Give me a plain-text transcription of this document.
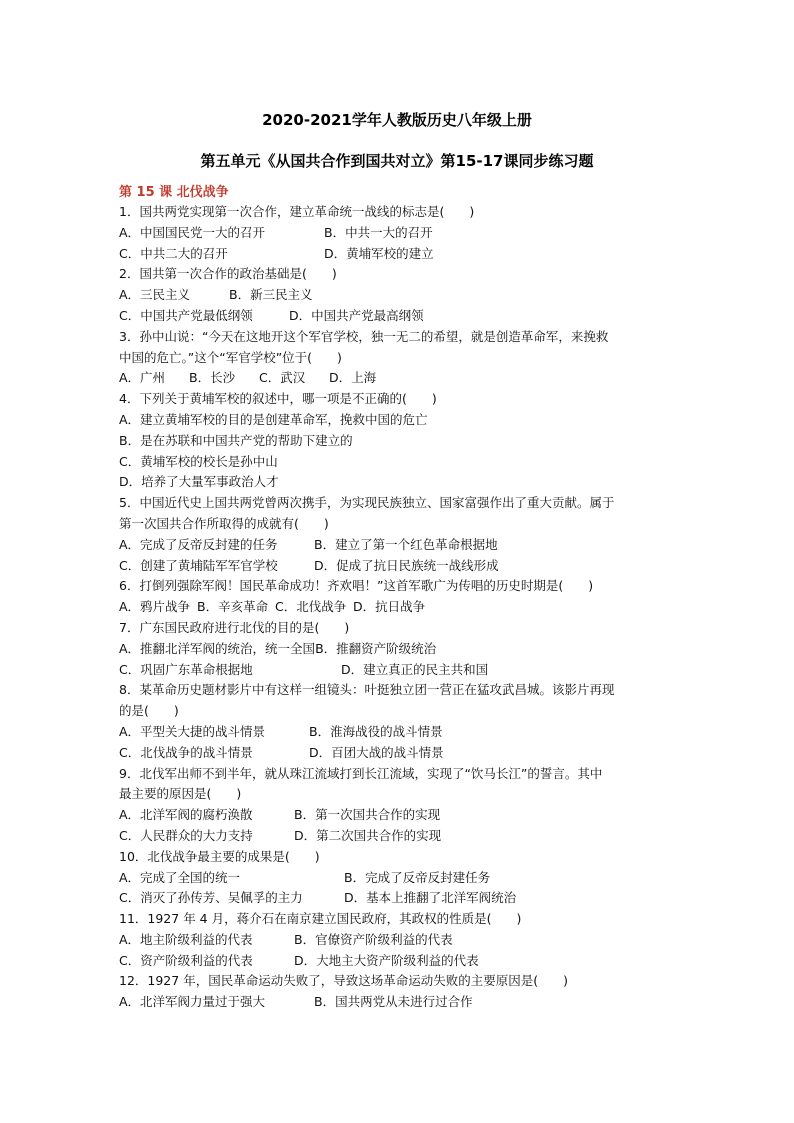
2020-2021学年人教版历史八年级上册
第五单元《从国共合作到国共对立》第15-17课同步练习题
第 15 课 北伐战争
1．国共两党实现第一次合作，建立革命统一战线的标志是(　　)
A．中国国民党一大的召开	B．中共一大的召开
C．中共二大的召开	D．黄埔军校的建立
2．国共第一次合作的政治基础是(　　)
A．三民主义	B．新三民主义
C．中国共产党最低纲领	D．中国共产党最高纲领
3．孙中山说：“今天在这地开这个军官学校，独一无二的希望，就是创造革命军，来挽救
中国的危亡。”这个“军官学校”位于(　　)
A．广州 B．长沙 C．武汉 D．上海
4．下列关于黄埔军校的叙述中，哪一项是不正确的(　　)
A．建立黄埔军校的目的是创建革命军，挽救中国的危亡
B．是在苏联和中国共产党的帮助下建立的
C．黄埔军校的校长是孙中山
D．培养了大量军事政治人才
5．中国近代史上国共两党曾两次携手，为实现民族独立、国家富强作出了重大贡献。属于
第一次国共合作所取得的成就有(　　)
A．完成了反帝反封建的任务	B．建立了第一个红色革命根据地
C．创建了黄埔陆军军官学校	D．促成了抗日民族统一战线形成
6．打倒列强除军阀！国民革命成功！齐欢唱！”这首军歌广为传唱的历史时期是(　　)
A．鸦片战争 B．辛亥革命 C．北伐战争 D．抗日战争
7．广东国民政府进行北伐的目的是(　　)
A．推翻北洋军阀的统治，统一全国B．推翻资产阶级统治
C．巩固广东革命根据地	D．建立真正的民主共和国
8．某革命历史题材影片中有这样一组镜头：叶挺独立团一营正在猛攻武昌城。该影片再现
的是(　　)
A．平型关大捷的战斗情景	B．淮海战役的战斗情景
C．北伐战争的战斗情景	D．百团大战的战斗情景
9．北伐军出师不到半年，就从珠江流域打到长江流域，实现了“饮马长江”的誓言。其中
最主要的原因是(　　)
A．北洋军阀的腐朽涣散	B．第一次国共合作的实现
C．人民群众的大力支持	D．第二次国共合作的实现
10．北伐战争最主要的成果是(　　)
A．完成了全国的统一	B．完成了反帝反封建任务
C．消灭了孙传芳、吴佩孚的主力	D．基本上推翻了北洋军阀统治
11．1927 年 4 月，蒋介石在南京建立国民政府，其政权的性质是(　　)
A．地主阶级利益的代表	B．官僚资产阶级利益的代表
C．资产阶级利益的代表	D．大地主大资产阶级利益的代表
12．1927 年，国民革命运动失败了，导致这场革命运动失败的主要原因是(　　)
A．北洋军阀力量过于强大	B．国共两党从未进行过合作
